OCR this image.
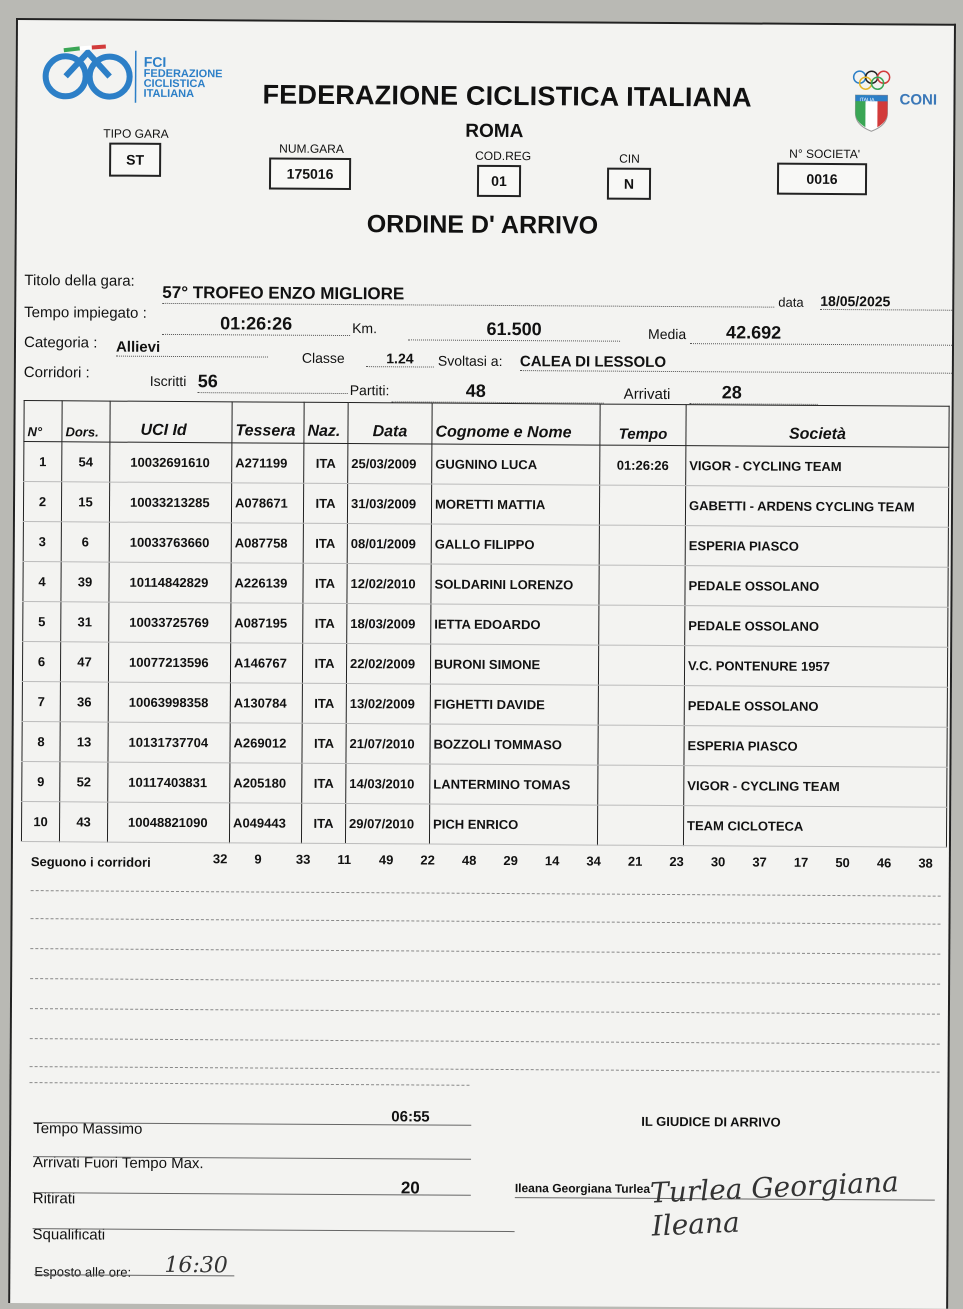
FCI
FEDERAZIONE
CICLISTICA
ITALIANA	FEDERAZIONE CICLISTICA ITALIANA
ROMA
ITALIA CONI
TIPO GARA
ST
NUM.GARA
175016
COD.REG
01
CIN
N
N° SOCIETA'
0016
ORDINE D' ARRIVO
Titolo della gara:
57° TROFEO ENZO MIGLIORE	data 18/05/2025
Tempo impiegato :
01:26:26	Km.	61.500	Media	42.692
Categoria : Allievi
Classe	1.24	Svoltasi a: CALEA DI LESSOLO
Corridori :	Iscritti 56	Partiti:	48	Arrivati	28
N°	Dors.	UCI Id	Tessera	Naz.	Data	Cognome e Nome	Tempo	Società
1	54	10032691610	A271199	ITA	25/03/2009	GUGNINO LUCA	01:26:26	VIGOR - CYCLING TEAM
2	15	10033213285	A078671	ITA	31/03/2009	MORETTI MATTIA		GABETTI - ARDENS CYCLING TEAM
3	6	10033763660	A087758	ITA	08/01/2009	GALLO FILIPPO		ESPERIA PIASCO
4	39	10114842829	A226139	ITA	12/02/2010	SOLDARINI LORENZO		PEDALE OSSOLANO
5	31	10033725769	A087195	ITA	18/03/2009	IETTA EDOARDO		PEDALE OSSOLANO
6	47	10077213596	A146767	ITA	22/02/2009	BURONI SIMONE		V.C. PONTENURE 1957
7	36	10063998358	A130784	ITA	13/02/2009	FIGHETTI DAVIDE		PEDALE OSSOLANO
8	13	10131737704	A269012	ITA	21/07/2010	BOZZOLI TOMMASO		ESPERIA PIASCO
9	52	10117403831	A205180	ITA	14/03/2010	LANTERMINO TOMAS		VIGOR - CYCLING TEAM
10	43	10048821090	A049443	ITA	29/07/2010	PICH ENRICO		TEAM CICLOTECA
Seguono i corridori	32 9	33 11 49 22 48 29 14 34 21 23 30 37 17 50 46 38
Tempo Massimo
06:55
Arrivati Fuori Tempo Max.
Ritirati
20
Squalificati
Esposto alle ore: 16:30
IL GIUDICE DI ARRIVO
Ileana Georgiana Turlea Turlea Georgiana Ileana
